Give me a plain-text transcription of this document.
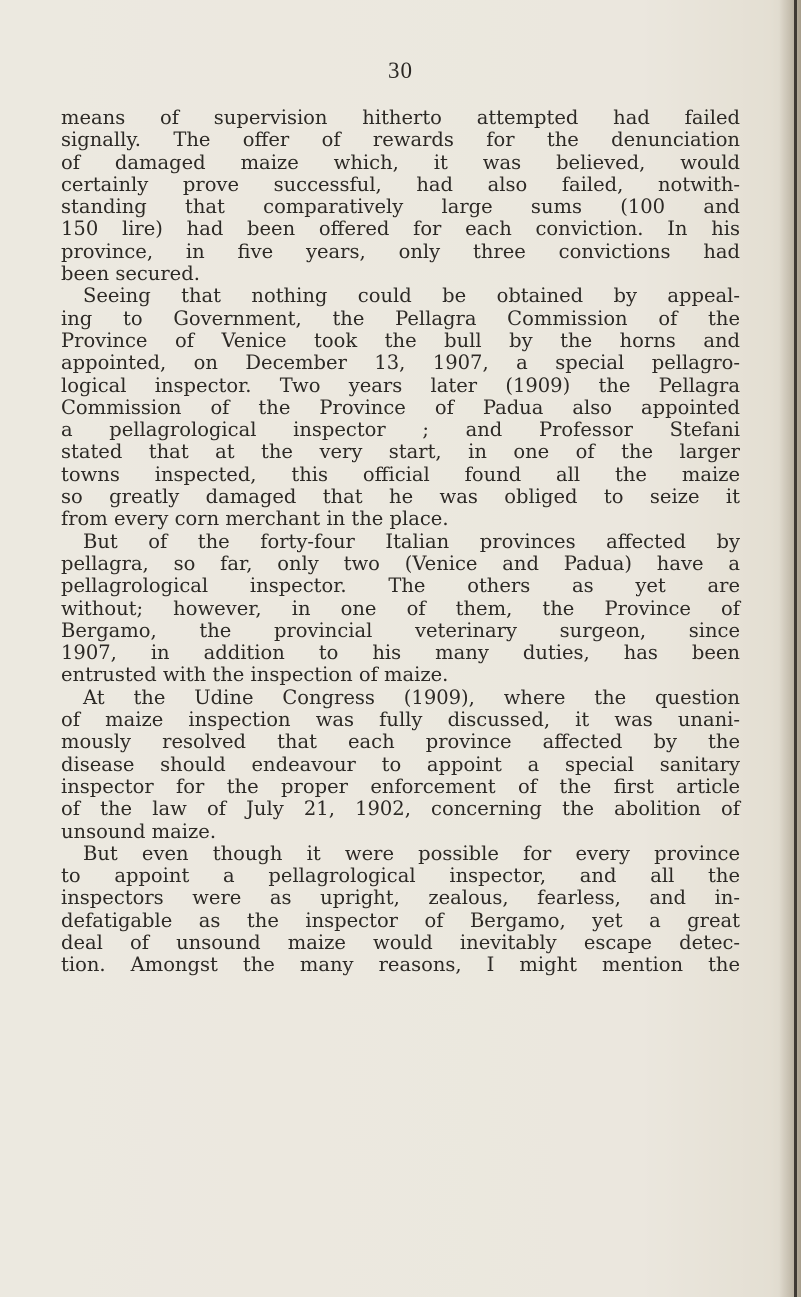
30
means of supervision hitherto attempted had failed
signally. The offer of rewards for the denunciation
of damaged maize which, it was believed, would
certainly prove successful, had also failed, notwith-
standing that comparatively large sums (100 and
150 lire) had been offered for each conviction. In his
province, in five years, only three convictions had
been secured.
Seeing that nothing could be obtained by appeal-
ing to Government, the Pellagra Commission of the
Province of Venice took the bull by the horns and
appointed, on December 13, 1907, a special pellagro-
logical inspector. Two years later (1909) the Pellagra
Commission of the Province of Padua also appointed
a pellagrological inspector ; and Professor Stefani
stated that at the very start, in one of the larger
towns inspected, this official found all the maize
so greatly damaged that he was obliged to seize it
from every corn merchant in the place.
But of the forty-four Italian provinces affected by
pellagra, so far, only two (Venice and Padua) have a
pellagrological inspector. The others as yet are
without; however, in one of them, the Province of
Bergamo, the provincial veterinary surgeon, since
1907, in addition to his many duties, has been
entrusted with the inspection of maize.
At the Udine Congress (1909), where the question
of maize inspection was fully discussed, it was unani-
mously resolved that each province affected by the
disease should endeavour to appoint a special sanitary
inspector for the proper enforcement of the first article
of the law of July 21, 1902, concerning the abolition of
unsound maize.
But even though it were possible for every province
to appoint a pellagrological inspector, and all the
inspectors were as upright, zealous, fearless, and in-
defatigable as the inspector of Bergamo, yet a great
deal of unsound maize would inevitably escape detec-
tion. Amongst the many reasons, I might mention the
